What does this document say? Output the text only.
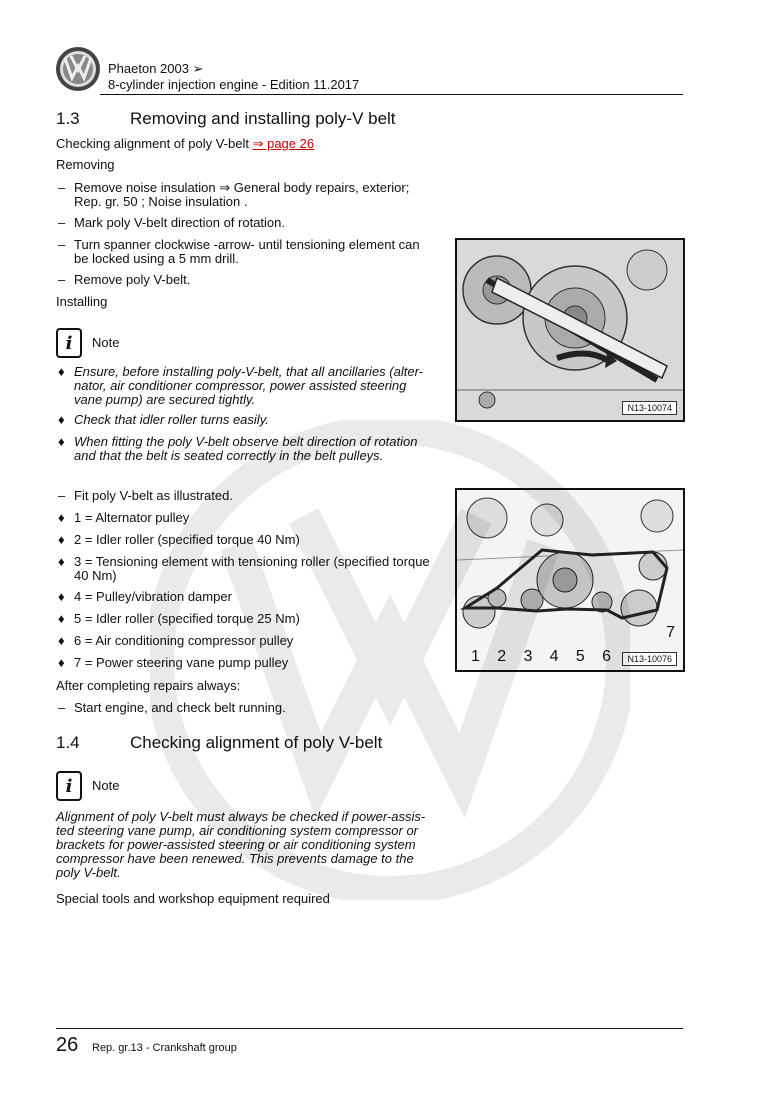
Phaeton 2003 ➢
8-cylinder injection engine - Edition 11.2017
1.3	Removing and installing poly-V belt
Checking alignment of poly V-belt ⇒ page 26
Removing
– Remove noise insulation ⇒ General body repairs, exterior;
Rep. gr. 50 ; Noise insulation .
– Mark poly V-belt direction of rotation.
– Turn spanner clockwise -arrow- until tensioning element can
be locked using a 5 mm drill.
– Remove poly V-belt.
Installing
i	Note
♦ Ensure, before installing poly-V-belt, that all ancillaries (alter-
nator, air conditioner compressor, power assisted steering
vane pump) are secured tightly.
♦ Check that idler roller turns easily.
♦ When fitting the poly V-belt observe belt direction of rotation
and that the belt is seated correctly in the belt pulleys.
N13-10074
– Fit poly V-belt as illustrated.
♦ 1 = Alternator pulley
♦ 2 = Idler roller (specified torque 40 Nm)
♦ 3 = Tensioning element with tensioning roller (specified torque
40 Nm)
♦ 4 = Pulley/vibration damper
♦ 5 = Idler roller (specified torque 25 Nm)
♦ 6 = Air conditioning compressor pulley
♦ 7 = Power steering vane pump pulley
After completing repairs always:
– Start engine, and check belt running.
1 2 3 4 5 6
7
N13-10076
1.4	Checking alignment of poly V-belt
i	Note
Alignment of poly V-belt must always be checked if power-assis-
ted steering vane pump, air conditioning system compressor or
brackets for power-assisted steering or air conditioning system
compressor have been renewed. This prevents damage to the
poly V-belt.
Special tools and workshop equipment required
26 Rep. gr.13 - Crankshaft group
